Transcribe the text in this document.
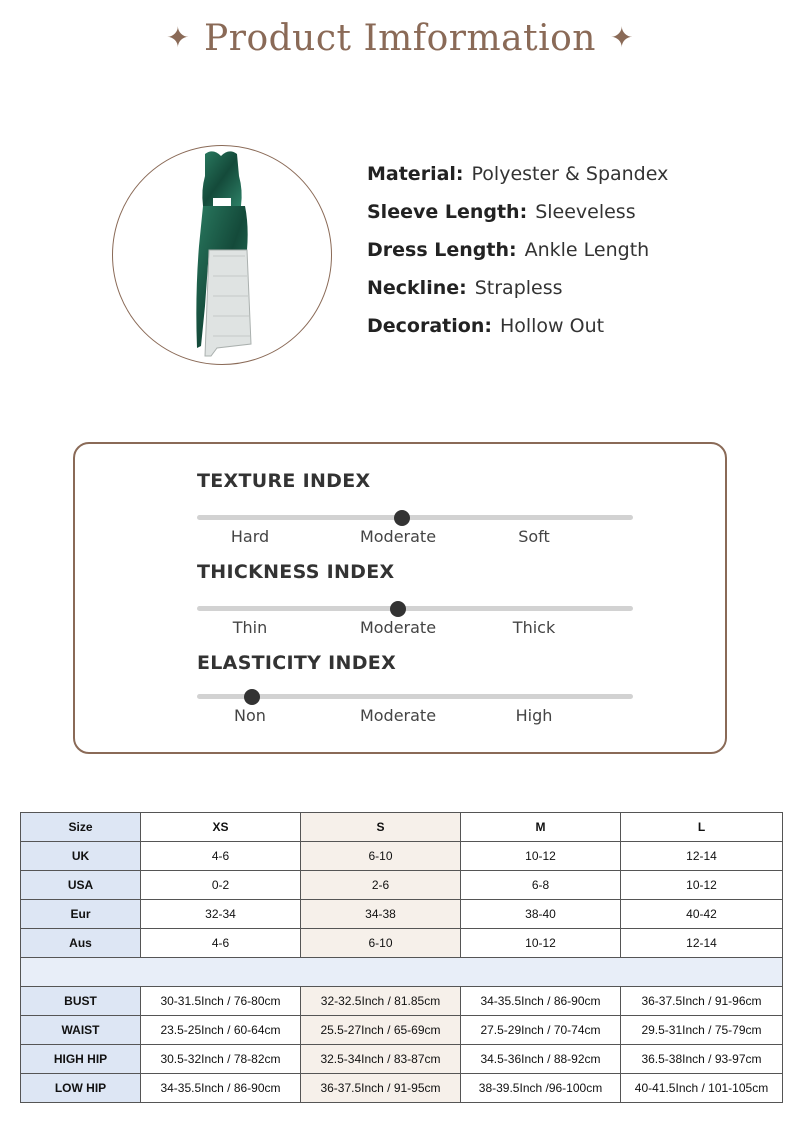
✦ Product Imformation ✦
Material: Polyester & Spandex
Sleeve Length: Sleeveless
Dress Length: Ankle Length
Neckline: Strapless
Decoration: Hollow Out
TEXTURE INDEX
Hard	Moderate	Soft
THICKNESS INDEX
Thin	Moderate	Thick
ELASTICITY INDEX
Non	Moderate	High
Size	XS	S	M	L
UK	4-6	6-10	10-12	12-14
USA	0-2	2-6	6-8	10-12
Eur	32-34	34-38	38-40	40-42
Aus	4-6	6-10	10-12	12-14

BUST	30-31.5Inch / 76-80cm	32-32.5Inch / 81.85cm	34-35.5Inch / 86-90cm	36-37.5Inch / 91-96cm
WAIST	23.5-25Inch / 60-64cm	25.5-27Inch / 65-69cm	27.5-29Inch / 70-74cm	29.5-31Inch / 75-79cm
HIGH HIP	30.5-32Inch / 78-82cm	32.5-34Inch / 83-87cm	34.5-36Inch / 88-92cm	36.5-38Inch / 93-97cm
LOW HIP	34-35.5Inch / 86-90cm	36-37.5Inch / 91-95cm	38-39.5Inch /96-100cm	40-41.5Inch / 101-105cm
